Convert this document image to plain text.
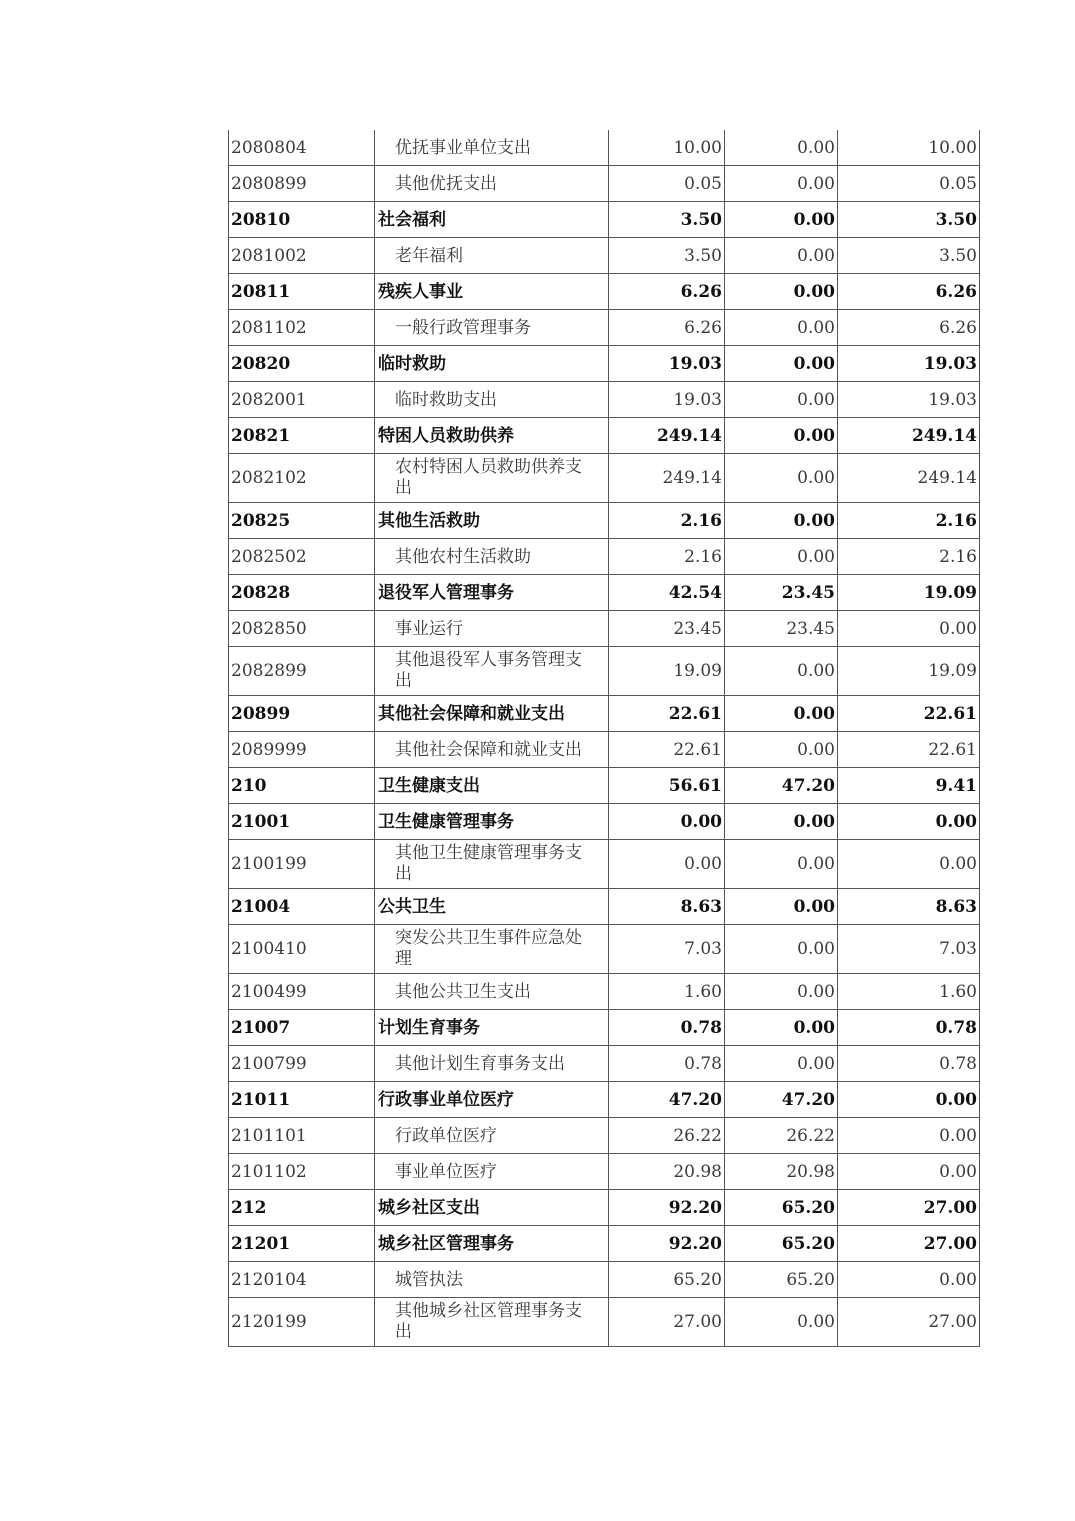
2080804	优抚事业单位支出	10.00	0.00	10.00
2080899	其他优抚支出	0.05	0.00	0.05
20810	社会福利	3.50	0.00	3.50
2081002	老年福利	3.50	0.00	3.50
20811	残疾人事业	6.26	0.00	6.26
2081102	一般行政管理事务	6.26	0.00	6.26
20820	临时救助	19.03	0.00	19.03
2082001	临时救助支出	19.03	0.00	19.03
20821	特困人员救助供养	249.14	0.00	249.14
2082102	农村特困人员救助供养支出	249.14	0.00	249.14
20825	其他生活救助	2.16	0.00	2.16
2082502	其他农村生活救助	2.16	0.00	2.16
20828	退役军人管理事务	42.54	23.45	19.09
2082850	事业运行	23.45	23.45	0.00
2082899	其他退役军人事务管理支出	19.09	0.00	19.09
20899	其他社会保障和就业支出	22.61	0.00	22.61
2089999	其他社会保障和就业支出	22.61	0.00	22.61
210	卫生健康支出	56.61	47.20	9.41
21001	卫生健康管理事务	0.00	0.00	0.00
2100199	其他卫生健康管理事务支出	0.00	0.00	0.00
21004	公共卫生	8.63	0.00	8.63
2100410	突发公共卫生事件应急处理	7.03	0.00	7.03
2100499	其他公共卫生支出	1.60	0.00	1.60
21007	计划生育事务	0.78	0.00	0.78
2100799	其他计划生育事务支出	0.78	0.00	0.78
21011	行政事业单位医疗	47.20	47.20	0.00
2101101	行政单位医疗	26.22	26.22	0.00
2101102	事业单位医疗	20.98	20.98	0.00
212	城乡社区支出	92.20	65.20	27.00
21201	城乡社区管理事务	92.20	65.20	27.00
2120104	城管执法	65.20	65.20	0.00
2120199	其他城乡社区管理事务支出	27.00	0.00	27.00
